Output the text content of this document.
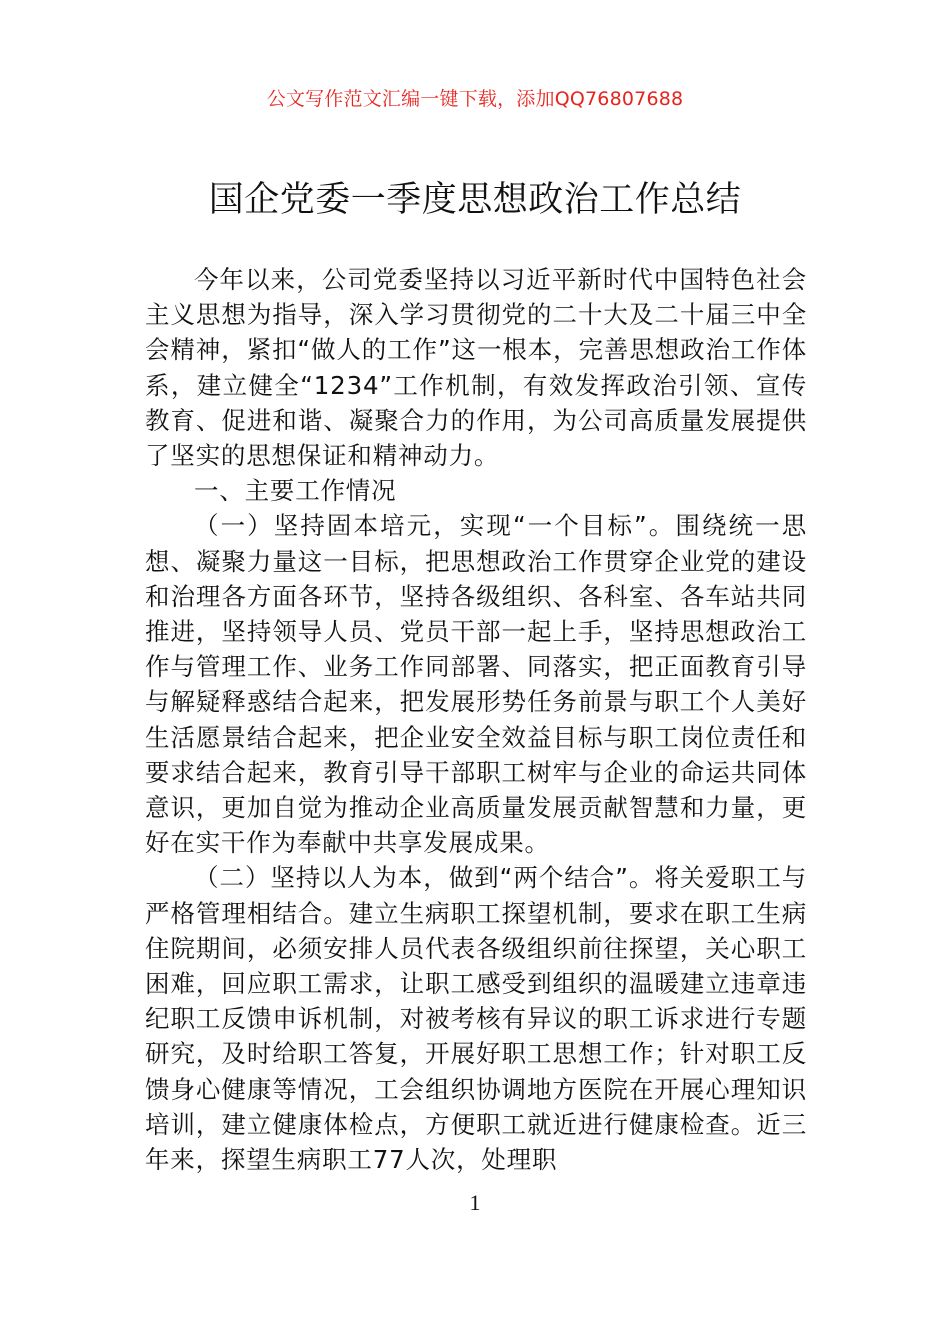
公文写作范文汇编一键下载，添加QQ76807688
国企党委一季度思想政治工作总结

今年以来，公司党委坚持以习近平新时代中国特色社会主义思想为指导，深入学习贯彻党的二十大及二十届三中全会精神，紧扣“做人的工作”这一根本，完善思想政治工作体系，建立健全“1234”工作机制，有效发挥政治引领、宣传教育、促进和谐、凝聚合力的作用，为公司高质量发展提供了坚实的思想保证和精神动力。

一、主要工作情况

（一）坚持固本培元，实现“一个目标”。围绕统一思想、凝聚力量这一目标，把思想政治工作贯穿企业党的建设和治理各方面各环节，坚持各级组织、各科室、各车站共同推进，坚持领导人员、党员干部一起上手，坚持思想政治工作与管理工作、业务工作同部署、同落实，把正面教育引导与解疑释惑结合起来，把发展形势任务前景与职工个人美好生活愿景结合起来，把企业安全效益目标与职工岗位责任和要求结合起来，教育引导干部职工树牢与企业的命运共同体意识，更加自觉为推动企业高质量发展贡献智慧和力量，更好在实干作为奉献中共享发展成果。

（二）坚持以人为本，做到“两个结合”。将关爱职工与严格管理相结合。建立生病职工探望机制，要求在职工生病住院期间，必须安排人员代表各级组织前往探望，关心职工困难，回应职工需求，让职工感受到组织的温暖建立违章违纪职工反馈申诉机制，对被考核有异议的职工诉求进行专题研究，及时给职工答复，开展好职工思想工作；针对职工反馈身心健康等情况，工会组织协调地方医院在开展心理知识培训，建立健康体检点，方便职工就近进行健康检查。近三年来，探望生病职工77人次，处理职

1
